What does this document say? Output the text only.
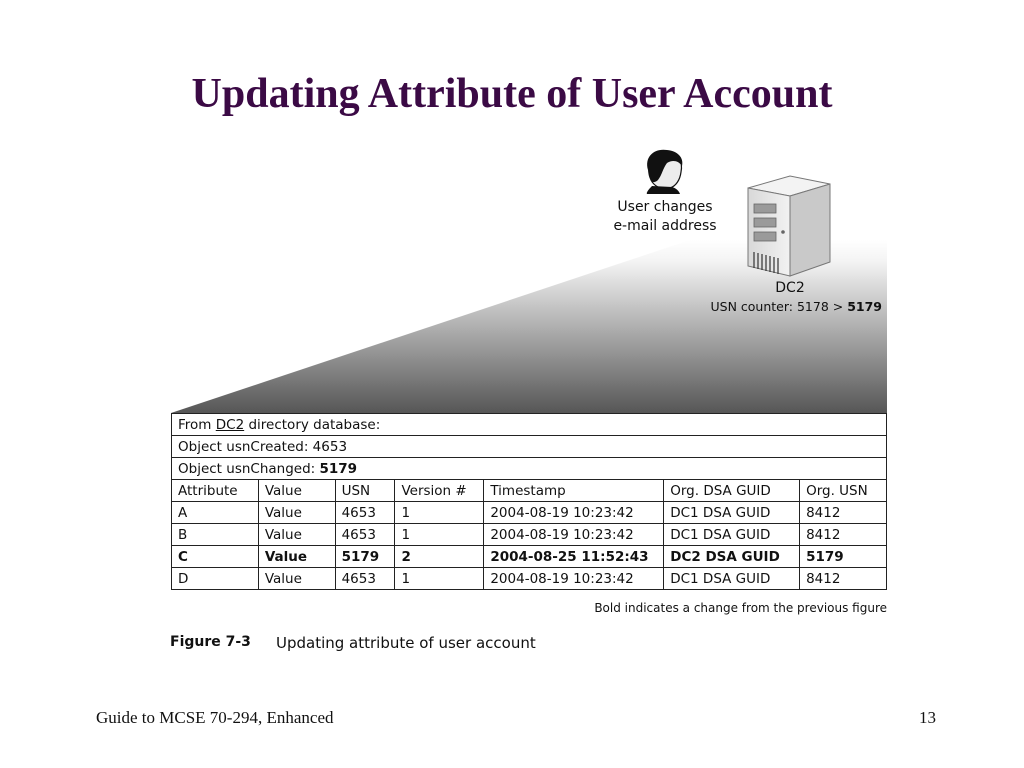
Updating Attribute of User Account
User changes
e-mail address
DC2
USN counter: 5178 > 5179
From DC2 directory database:						
Object usnCreated: 4653						
Object usnChanged: 5179						
Attribute	Value	USN	Version #	Timestamp	Org. DSA GUID	Org. USN
A	Value	4653	1	2004-08-19 10:23:42	DC1 DSA GUID	8412
B	Value	4653	1	2004-08-19 10:23:42	DC1 DSA GUID	8412
C	Value	5179	2	2004-08-25 11:52:43	DC2 DSA GUID	5179
D	Value	4653	1	2004-08-19 10:23:42	DC1 DSA GUID	8412
Bold indicates a change from the previous figure
Figure 7-3 Updating attribute of user account
Guide to MCSE 70-294, Enhanced	13
